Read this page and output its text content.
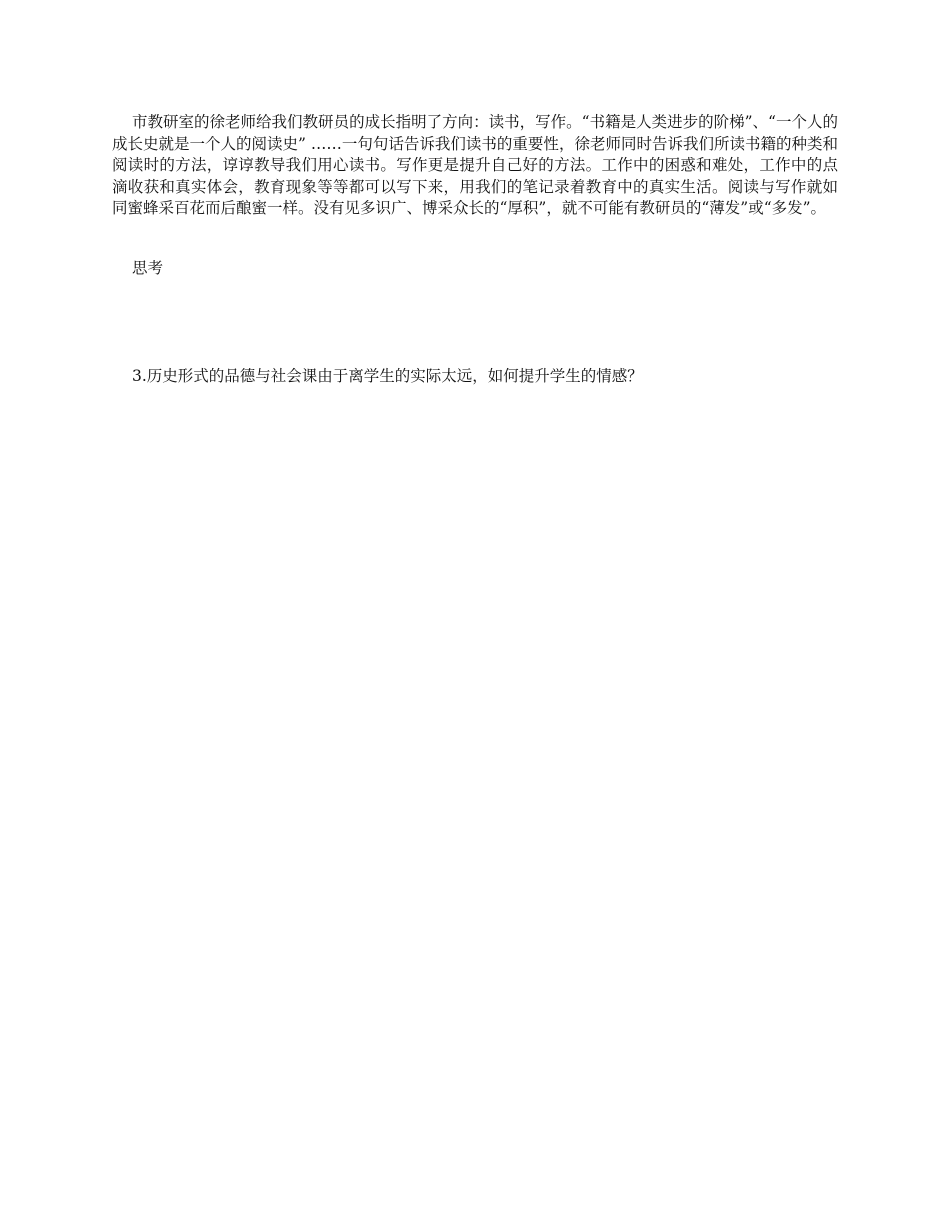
市教研室的徐老师给我们教研员的成长指明了方向：读书，写作。“书籍是人类进步的阶梯”、“一个人的成长史就是一个人的阅读史” ……一句句话告诉我们读书的重要性，徐老师同时告诉我们所读书籍的种类和阅读时的方法，谆谆教导我们用心读书。写作更是提升自己好的方法。工作中的困惑和难处，工作中的点滴收获和真实体会，教育现象等等都可以写下来，用我们的笔记录着教育中的真实生活。阅读与写作就如同蜜蜂采百花而后酿蜜一样。没有见多识广、博采众长的“厚积”，就不可能有教研员的“薄发”或“多发”。

思考

3.历史形式的品德与社会课由于离学生的实际太远，如何提升学生的情感？
